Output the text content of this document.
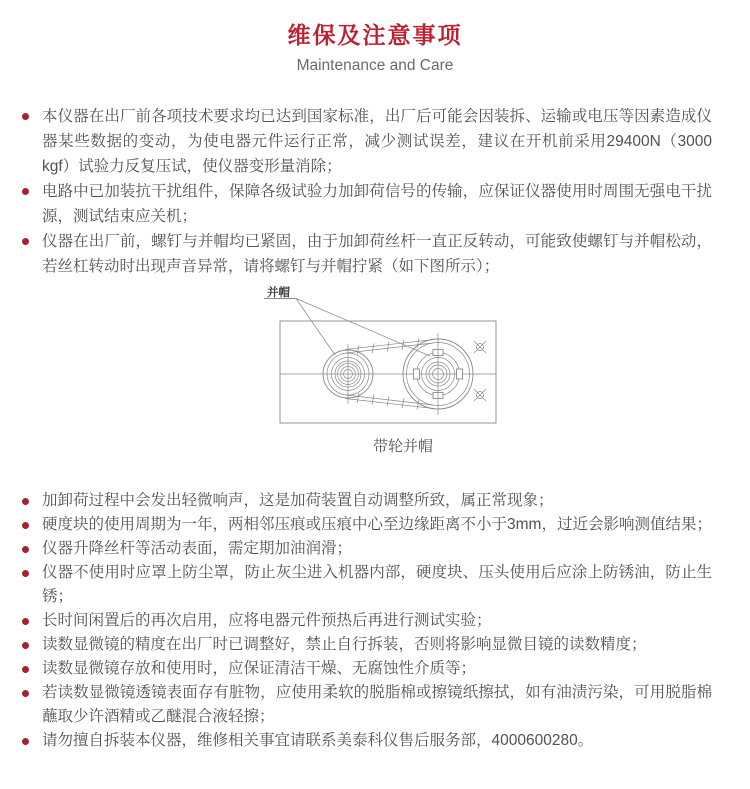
维保及注意事项
Maintenance and Care
本仪器在出厂前各项技术要求均已达到国家标准，出厂后可能会因装拆、运输或电压等因素造成仪器某些数据的变动，为使电器元件运行正常，减少测试误差，建议在开机前采用29400N（3000 kgf）试验力反复压试，使仪器变形量消除；
电路中已加装抗干扰组件，保障各级试验力加卸荷信号的传输，应保证仪器使用时周围无强电干扰源，测试结束应关机；
仪器在出厂前，螺钉与并帽均已紧固，由于加卸荷丝杆一直正反转动，可能致使螺钉与并帽松动，若丝杠转动时出现声音异常，请将螺钉与并帽拧紧（如下图所示）；
并帽
带轮并帽
加卸荷过程中会发出轻微响声，这是加荷装置自动调整所致，属正常现象；
硬度块的使用周期为一年，两相邻压痕或压痕中心至边缘距离不小于3mm，过近会影响测值结果；
仪器升降丝杆等活动表面，需定期加油润滑；
仪器不使用时应罩上防尘罩，防止灰尘进入机器内部，硬度块、压头使用后应涂上防锈油，防止生锈；
长时间闲置后的再次启用，应将电器元件预热后再进行测试实验；
读数显微镜的精度在出厂时已调整好，禁止自行拆装，否则将影响显微目镜的读数精度；
读数显微镜存放和使用时，应保证清洁干燥、无腐蚀性介质等；
若读数显微镜透镜表面存有脏物，应使用柔软的脱脂棉或擦镜纸擦拭，如有油渍污染，可用脱脂棉蘸取少许酒精或乙醚混合液轻擦；
请勿擅自拆装本仪器，维修相关事宜请联系美泰科仪售后服务部，4000600280。
